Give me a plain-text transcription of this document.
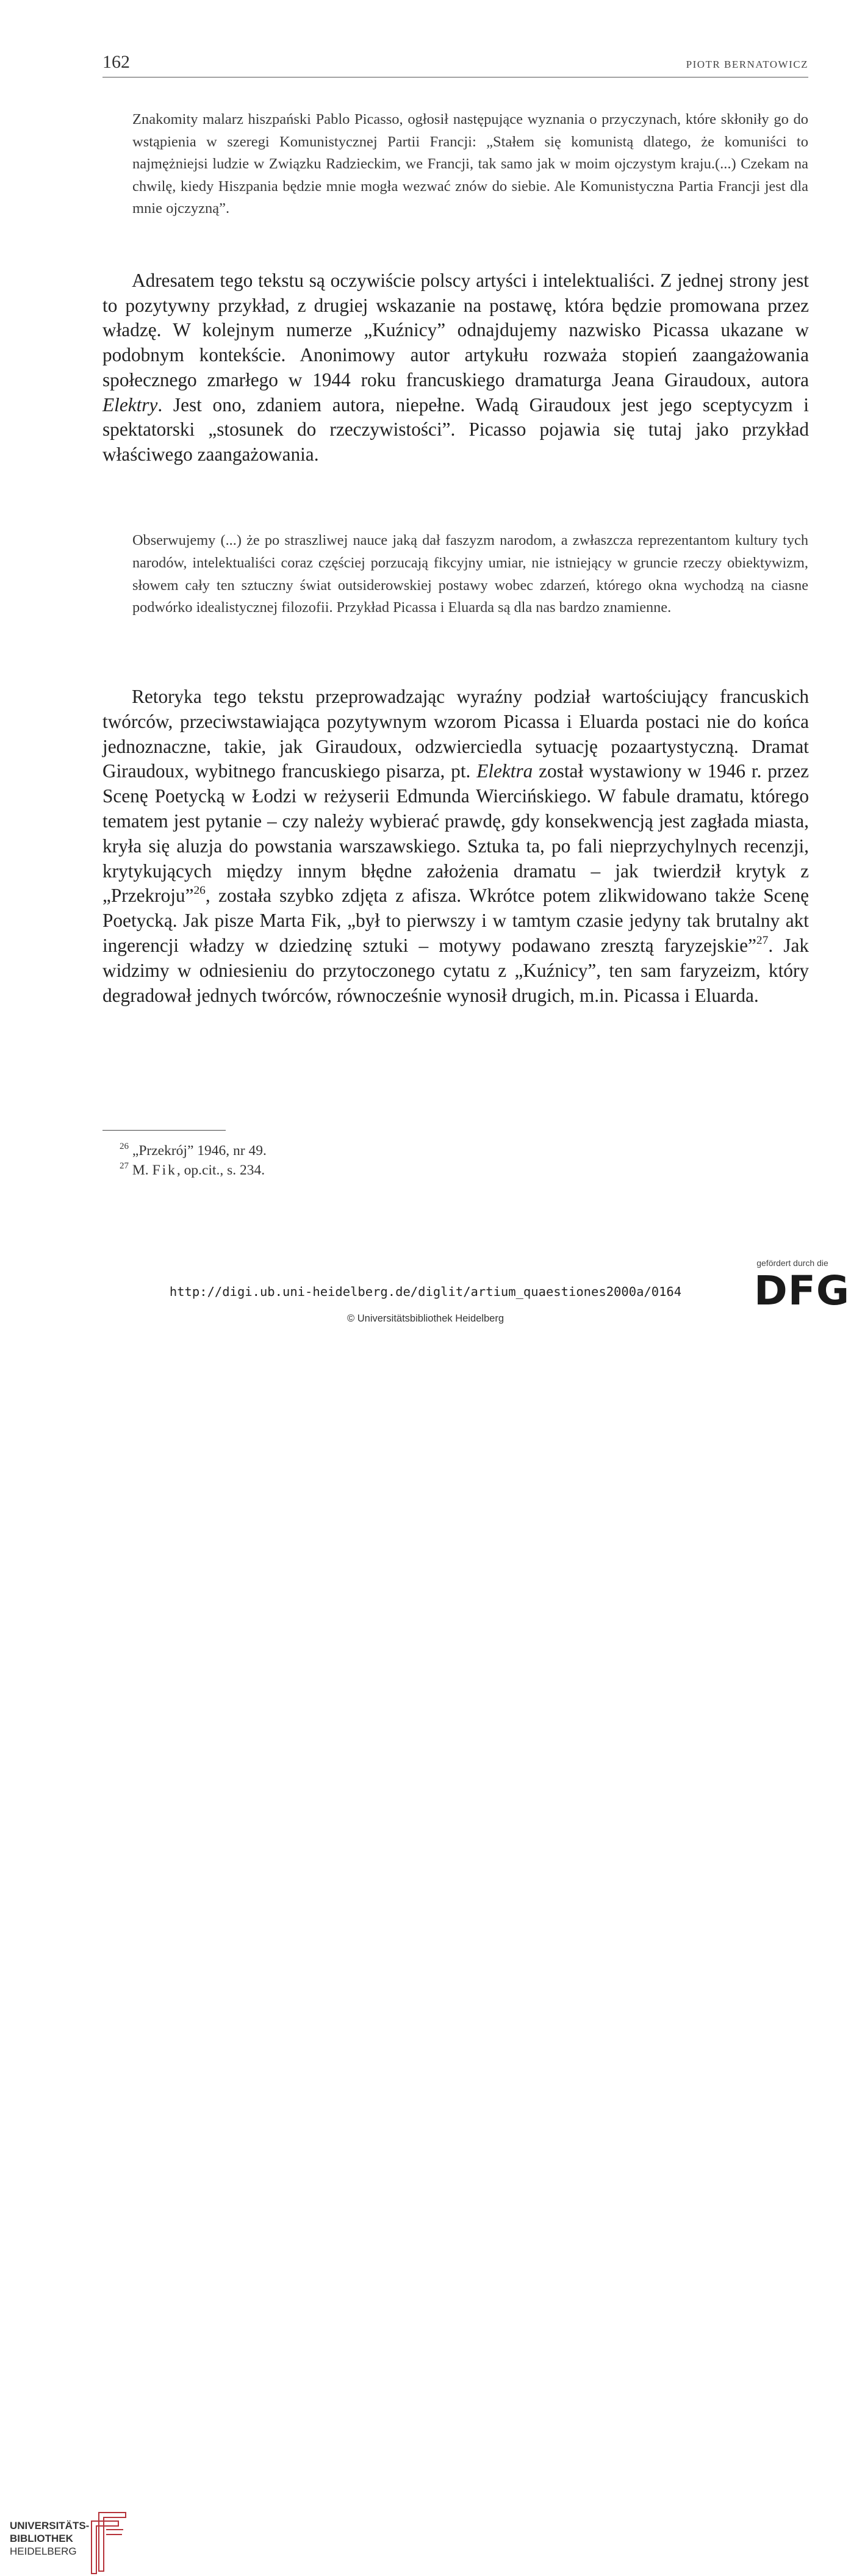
162	PIOTR BERNATOWICZ
Znakomity malarz hiszpański Pablo Picasso, ogłosił następujące wyznania o przyczynach, które skłoniły go do wstąpienia w szeregi Komunistycznej Partii Francji: „Stałem się komunistą dlatego, że komuniści to najmężniejsi ludzie w Związku Radzieckim, we Francji, tak samo jak w moim ojczystym kraju.(...) Czekam na chwilę, kiedy Hiszpania będzie mnie mogła wezwać znów do siebie. Ale Komunistyczna Partia Francji jest dla mnie ojczyzną”.

Adresatem tego tekstu są oczywiście polscy artyści i intelektualiści. Z jednej strony jest to pozytywny przykład, z drugiej wskazanie na postawę, która będzie promowana przez władzę. W kolejnym numerze „Kuźnicy” odnajdujemy nazwisko Picassa ukazane w podobnym kontekście. Anonimowy autor artykułu rozważa stopień zaangażowania społecznego zmarłego w 1944 roku francuskiego dramaturga Jeana Giraudoux, autora Elektry. Jest ono, zdaniem autora, niepełne. Wadą Giraudoux jest jego sceptycyzm i spektatorski „stosunek do rzeczywistości”. Picasso pojawia się tutaj jako przykład właściwego zaangażowania.

Obserwujemy (...) że po straszliwej nauce jaką dał faszyzm narodom, a zwłaszcza reprezentantom kultury tych narodów, intelektualiści coraz częściej porzucają fikcyjny umiar, nie istniejący w gruncie rzeczy obiektywizm, słowem cały ten sztuczny świat outsiderowskiej postawy wobec zdarzeń, którego okna wychodzą na ciasne podwórko idealistycznej filozofii. Przykład Picassa i Eluarda są dla nas bardzo znamienne.

Retoryka tego tekstu przeprowadzając wyraźny podział wartościujący francuskich twórców, przeciwstawiająca pozytywnym wzorom Picassa i Eluarda postaci nie do końca jednoznaczne, takie, jak Giraudoux, odzwierciedla sytuację pozaartystyczną. Dramat Giraudoux, wybitnego francuskiego pisarza, pt. Elektra został wystawiony w 1946 r. przez Scenę Poetycką w Łodzi w reżyserii Edmunda Wiercińskiego. W fabule dramatu, którego tematem jest pytanie – czy należy wybierać prawdę, gdy konsekwencją jest zagłada miasta, kryła się aluzja do powstania warszawskiego. Sztuka ta, po fali nieprzychylnych recenzji, krytykujących między innym błędne założenia dramatu – jak twierdził krytyk z „Przekroju”$^{26}$, została szybko zdjęta z afisza. Wkrótce potem zlikwidowano także Scenę Poetycką. Jak pisze Marta Fik, „był to pierwszy i w tamtym czasie jedyny tak brutalny akt ingerencji władzy w dziedzinę sztuki – motywy podawano zresztą faryzejskie”$^{27}$. Jak widzimy w odniesieniu do przytoczonego cytatu z „Kuźnicy”, ten sam faryzeizm, który degradował jednych twórców, równocześnie wynosił drugich, m.in. Picassa i Eluarda.

$^{26}$ „Przekrój” 1946, nr 49.
$^{27}$ M. Fik, op.cit., s. 234.
UNIVERSITÄTS-
BIBLIOTHEK
HEIDELBERG
http://digi.ub.uni-heidelberg.de/diglit/artium_quaestiones2000a/0164
© Universitätsbibliothek Heidelberg
gefördert durch die
DFG
